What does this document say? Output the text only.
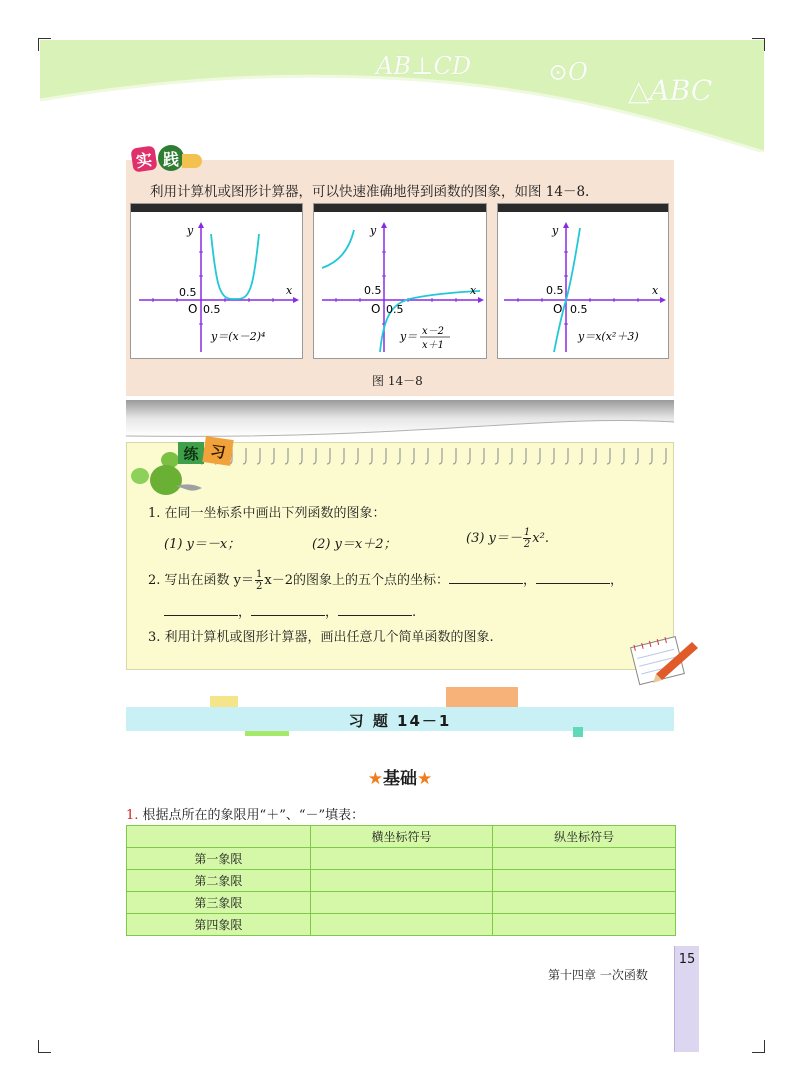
AB⊥CD	⊙O
△ABC
实 践
利用计算机或图形计算器，可以快速准确地得到函数的图象，如图 14－8.
y
x
O
0.5
0.5
y＝(x－2)⁴
y
x
O
0.5
0.5
y＝ x－2
x＋1
y
x
O
0.5
0.5
y＝x(x²＋3)
图 14－8
练 习
1. 在同一坐标系中画出下列函数的图象：
(1) y＝－x；	(2) y＝x＋2；	(3) $y=- \frac{1}{2} x^2$.
2. 写出在函数 $y= \frac{1}{2} x-2$的图象上的五个点的坐标：	，	，
，	，	.
3. 利用计算机或图形计算器，画出任意几个简单函数的图象.
习 题 14－1
★基础★
1. 根据点所在的象限用“＋”、“－”填表：
	横坐标符号	纵坐标符号
第一象限		
第二象限		
第三象限		
第四象限		
第十四章 一次函数
15
